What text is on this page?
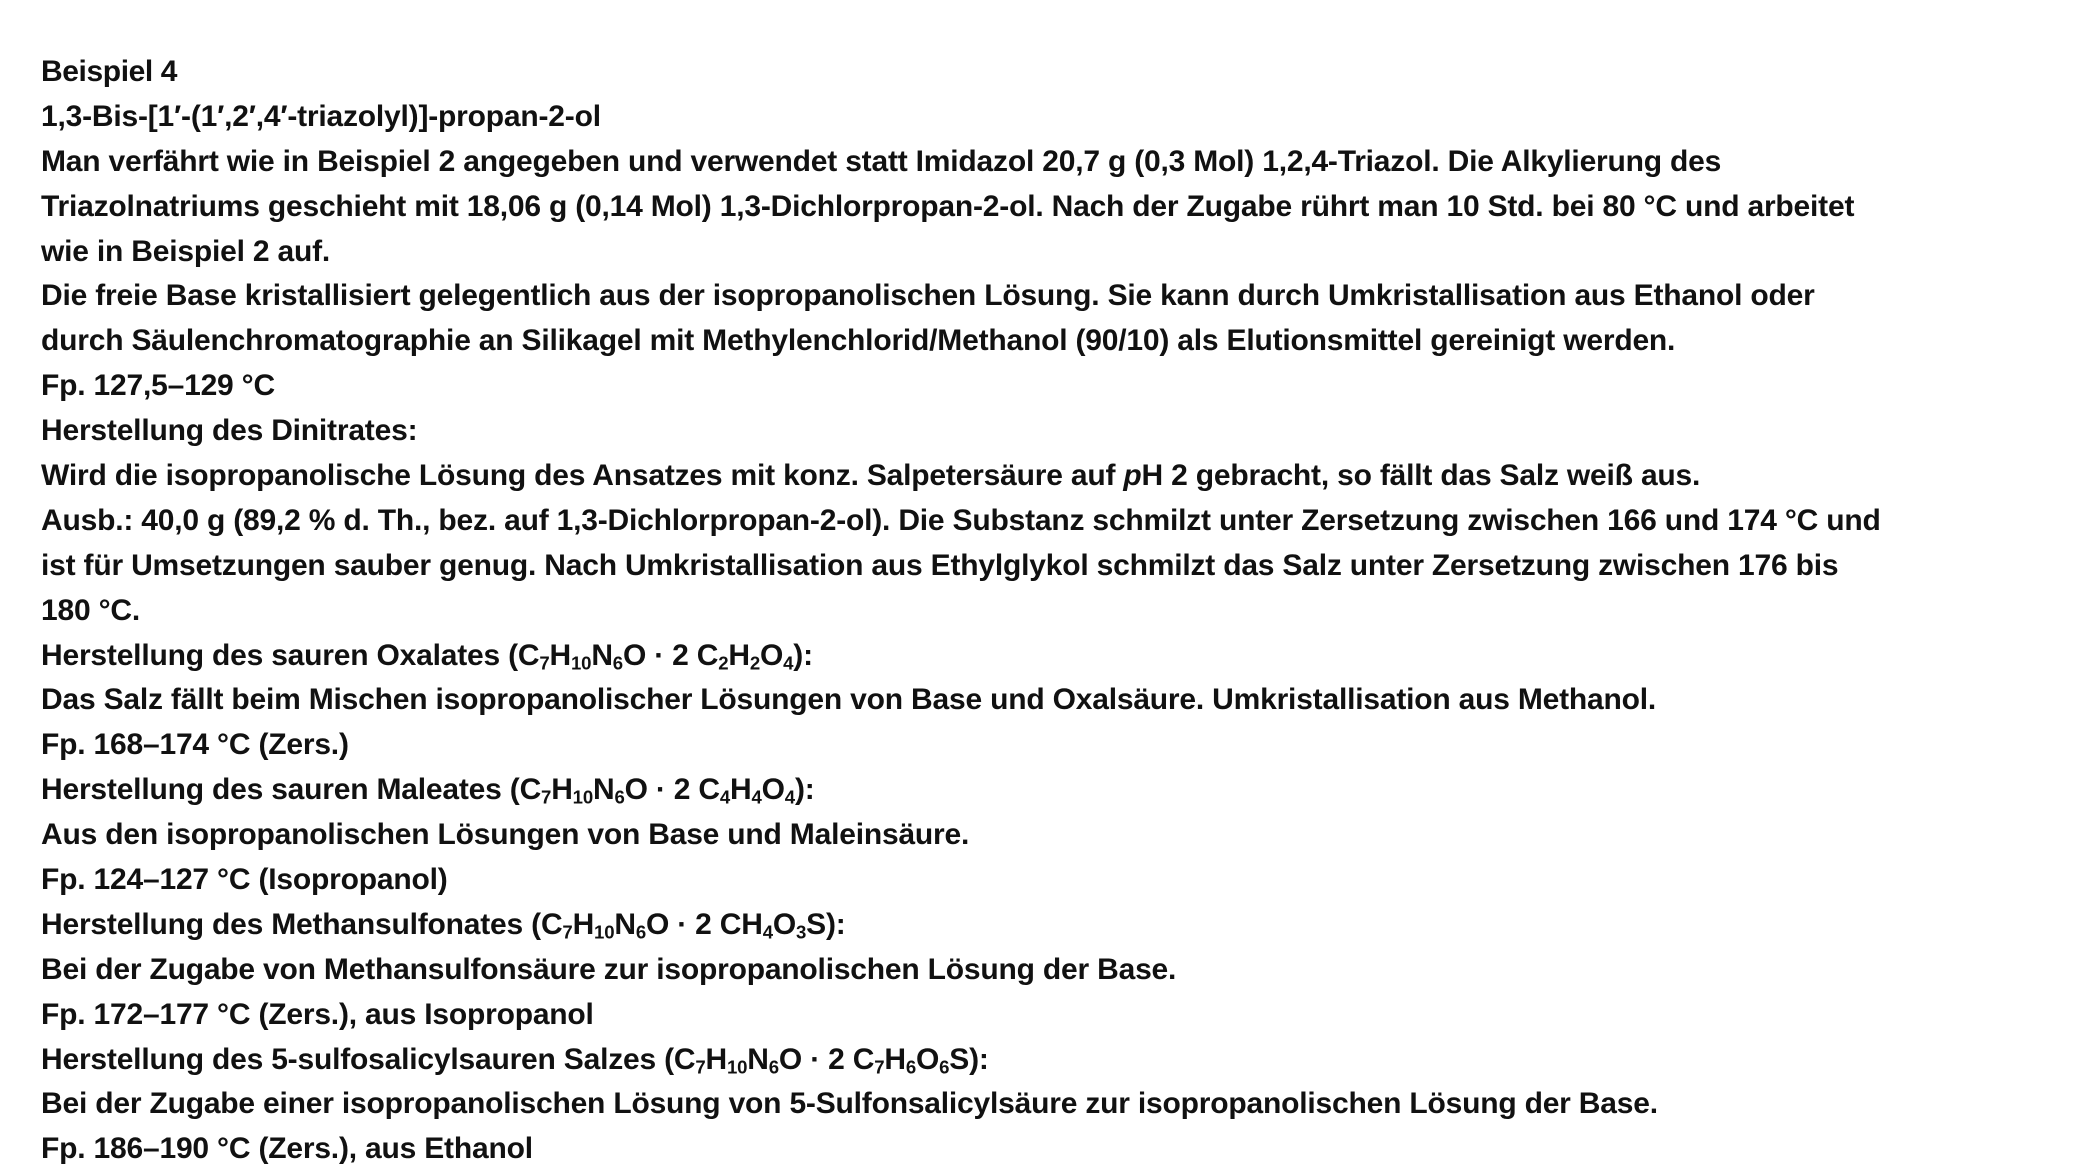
Beispiel 4
1,3-Bis-[1′-(1′,2′,4′-triazolyl)]-propan-2-ol
Man verfährt wie in Beispiel 2 angegeben und verwendet statt Imidazol 20,7 g (0,3 Mol) 1,2,4-Triazol. Die Alkylierung des
Triazolnatriums geschieht mit 18,06 g (0,14 Mol) 1,3-Dichlorpropan-2-ol. Nach der Zugabe rührt man 10 Std. bei 80 °C und arbeitet
wie in Beispiel 2 auf.
Die freie Base kristallisiert gelegentlich aus der isopropanolischen Lösung. Sie kann durch Umkristallisation aus Ethanol oder
durch Säulenchromatographie an Silikagel mit Methylenchlorid/Methanol (90/10) als Elutionsmittel gereinigt werden.
Fp. 127,5–129 °C
Herstellung des Dinitrates:
Wird die isopropanolische Lösung des Ansatzes mit konz. Salpetersäure auf pH 2 gebracht, so fällt das Salz weiß aus.
Ausb.: 40,0 g (89,2 % d. Th., bez. auf 1,3-Dichlorpropan-2-ol). Die Substanz schmilzt unter Zersetzung zwischen 166 und 174 °C und
ist für Umsetzungen sauber genug. Nach Umkristallisation aus Ethylglykol schmilzt das Salz unter Zersetzung zwischen 176 bis
180 °C.
Herstellung des sauren Oxalates ($C_7H_{10}N_6O \cdot 2$ $C_2H_2O_4$):
Das Salz fällt beim Mischen isopropanolischer Lösungen von Base und Oxalsäure. Umkristallisation aus Methanol.
Fp. 168–174 °C (Zers.)
Herstellung des sauren Maleates ($C_7H_{10}N_6O \cdot 2$ $C_4H_4O_4$):
Aus den isopropanolischen Lösungen von Base und Maleinsäure.
Fp. 124–127 °C (Isopropanol)
Herstellung des Methansulfonates ($C_7H_{10}N_6O \cdot 2$ $CH_4O_3S$):
Bei der Zugabe von Methansulfonsäure zur isopropanolischen Lösung der Base.
Fp. 172–177 °C (Zers.), aus Isopropanol
Herstellung des 5-sulfosalicylsauren Salzes ($C_7H_{10}N_6O \cdot 2$ $C_7H_6O_6S$):
Bei der Zugabe einer isopropanolischen Lösung von 5-Sulfonsalicylsäure zur isopropanolischen Lösung der Base.
Fp. 186–190 °C (Zers.), aus Ethanol
